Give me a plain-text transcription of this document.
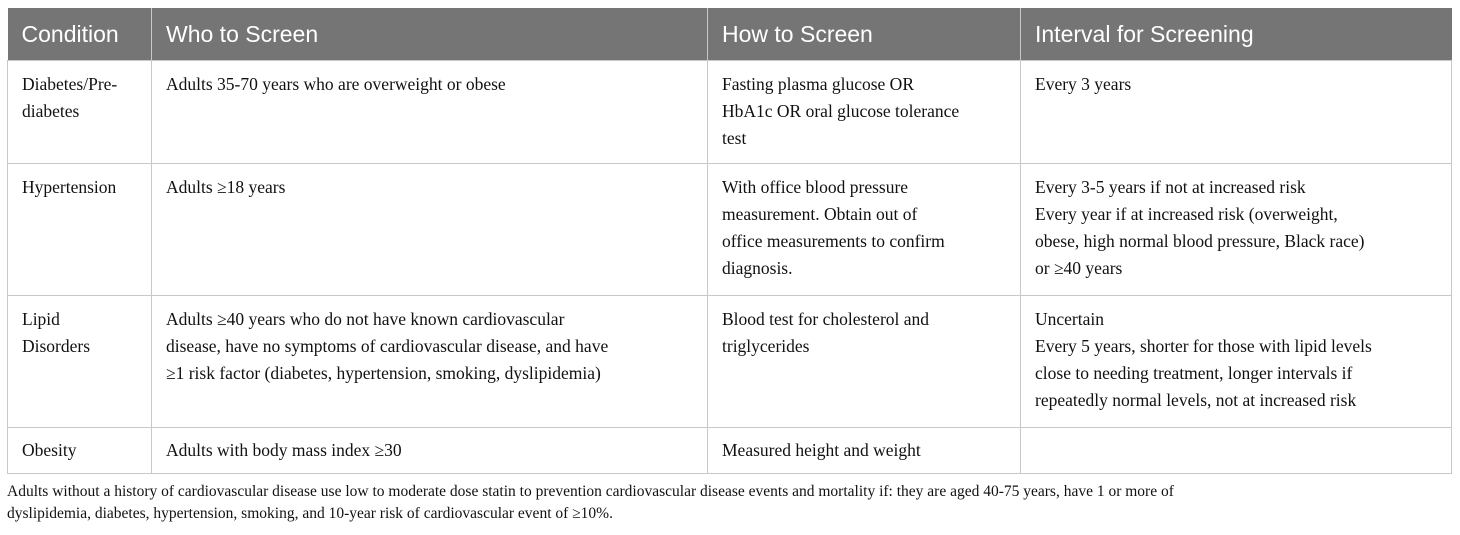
Condition	Who to Screen	How to Screen	Interval for Screening

Diabetes/Pre-
diabetes	Adults 35-70 years who are overweight or obese	Fasting plasma glucose OR
HbA1c OR oral glucose tolerance
test	Every 3 years

Hypertension	Adults ≥18 years	With office blood pressure
measurement. Obtain out of
office measurements to confirm
diagnosis.	Every 3-5 years if not at increased risk
Every year if at increased risk (overweight,
obese, high normal blood pressure, Black race)
or ≥40 years

Lipid
Disorders	Adults ≥40 years who do not have known cardiovascular
disease, have no symptoms of cardiovascular disease, and have
≥1 risk factor (diabetes, hypertension, smoking, dyslipidemia)	Blood test for cholesterol and
triglycerides	Uncertain
Every 5 years, shorter for those with lipid levels
close to needing treatment, longer intervals if
repeatedly normal levels, not at increased risk

Obesity	Adults with body mass index ≥30	Measured height and weight	

Adults without a history of cardiovascular disease use low to moderate dose statin to prevention cardiovascular disease events and mortality if: they are aged 40-75 years, have 1 or more of
dyslipidemia, diabetes, hypertension, smoking, and 10-year risk of cardiovascular event of ≥10%.
